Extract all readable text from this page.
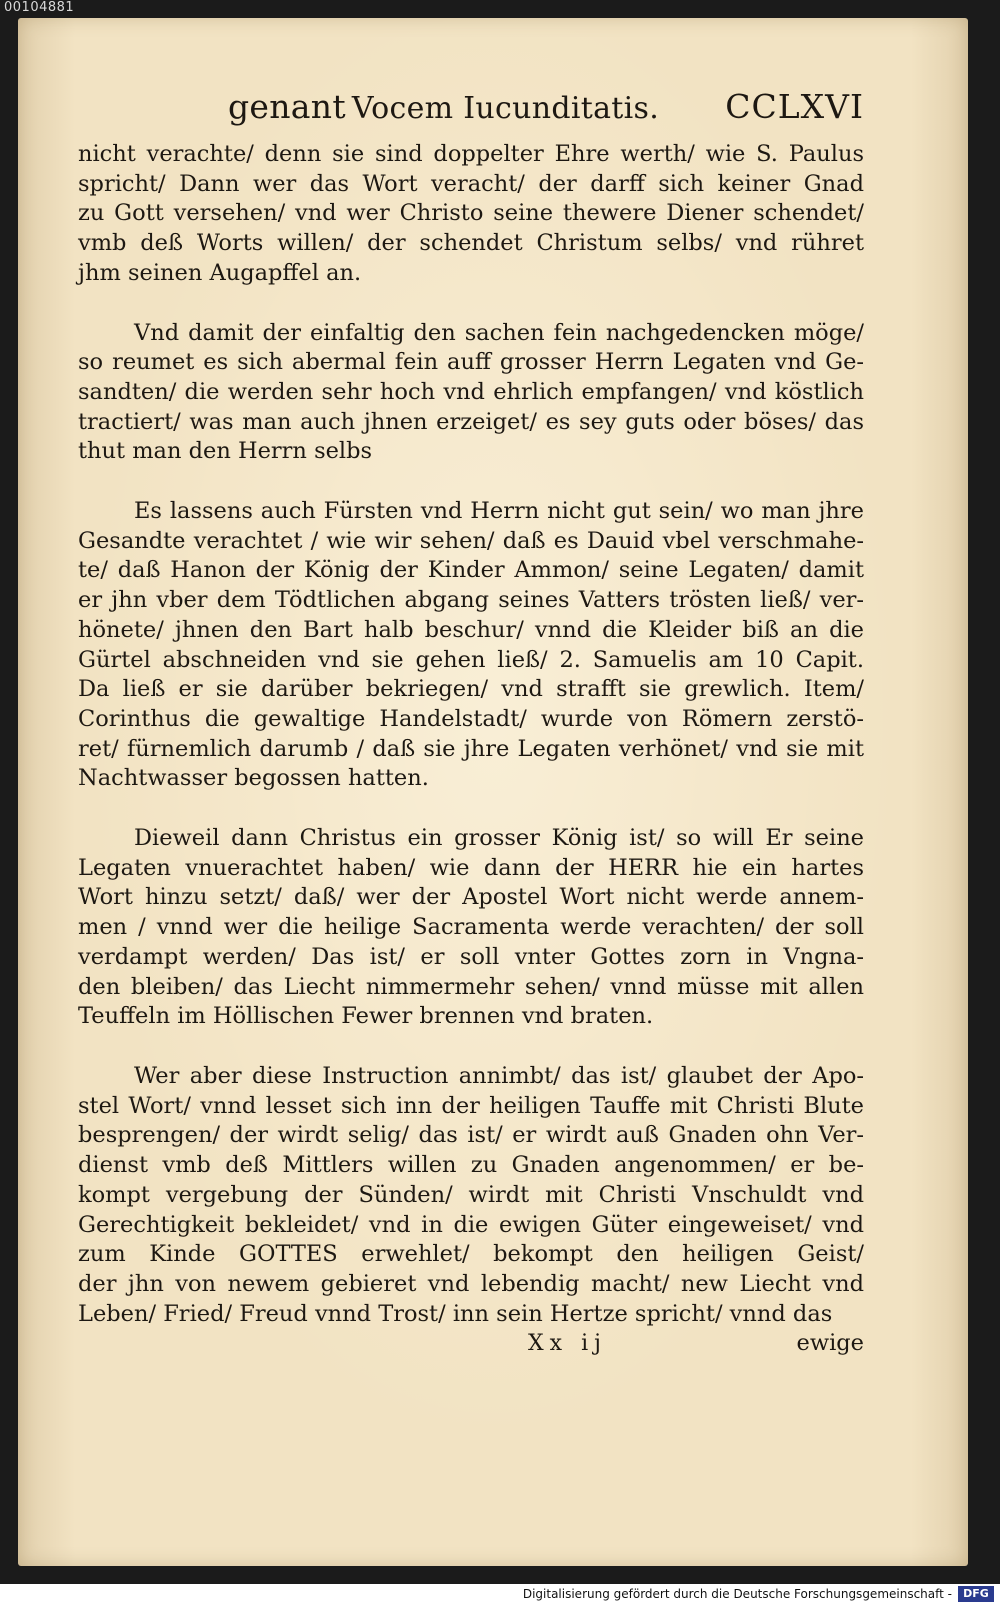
00104881
genant Vocem Iucunditatis. CCLXVI
nicht verachte/ denn sie sind doppelter Ehre werth/ wie S. Paulus
spricht/ Dann wer das Wort veracht/ der darff sich keiner Gnad
zu Gott versehen/ vnd wer Christo seine thewere Diener schendet/
vmb deß Worts willen/ der schendet Christum selbs/ vnd rühret
jhm seinen Augapffel an.
Vnd damit der einfaltig den sachen fein nachgedencken möge/
so reumet es sich abermal fein auff grosser Herrn Legaten vnd Ge-
sandten/ die werden sehr hoch vnd ehrlich empfangen/ vnd köstlich
tractiert/ was man auch jhnen erzeiget/ es sey guts oder böses/ das
thut man den Herrn selbs
Es lassens auch Fürsten vnd Herrn nicht gut sein/ wo man jhre
Gesandte verachtet / wie wir sehen/ daß es Dauid vbel verschmahe-
te/ daß Hanon der König der Kinder Ammon/ seine Legaten/ damit
er jhn vber dem Tödtlichen abgang seines Vatters trösten ließ/ ver-
hönete/ jhnen den Bart halb beschur/ vnnd die Kleider biß an die
Gürtel abschneiden vnd sie gehen ließ/ 2. Samuelis am 10 Capit.
Da ließ er sie darüber bekriegen/ vnd strafft sie grewlich. Item/
Corinthus die gewaltige Handelstadt/ wurde von Römern zerstö-
ret/ fürnemlich darumb / daß sie jhre Legaten verhönet/ vnd sie mit
Nachtwasser begossen hatten.
Dieweil dann Christus ein grosser König ist/ so will Er seine
Legaten vnuerachtet haben/ wie dann der HERR hie ein hartes
Wort hinzu setzt/ daß/ wer der Apostel Wort nicht werde annem-
men / vnnd wer die heilige Sacramenta werde verachten/ der soll
verdampt werden/ Das ist/ er soll vnter Gottes zorn in Vngna-
den bleiben/ das Liecht nimmermehr sehen/ vnnd müsse mit allen
Teuffeln im Höllischen Fewer brennen vnd braten.
Wer aber diese Instruction annimbt/ das ist/ glaubet der Apo-
stel Wort/ vnnd lesset sich inn der heiligen Tauffe mit Christi Blute
besprengen/ der wirdt selig/ das ist/ er wirdt auß Gnaden ohn Ver-
dienst vmb deß Mittlers willen zu Gnaden angenommen/ er be-
kompt vergebung der Sünden/ wirdt mit Christi Vnschuldt vnd
Gerechtigkeit bekleidet/ vnd in die ewigen Güter eingeweiset/ vnd
zum Kinde GOTTES erwehlet/ bekompt den heiligen Geist/
der jhn von newem gebieret vnd lebendig macht/ new Liecht vnd
Leben/ Fried/ Freud vnnd Trost/ inn sein Hertze spricht/ vnnd das
Xx ij	ewige
Digitalisierung gefördert durch die Deutsche Forschungsgemeinschaft -	DFG
